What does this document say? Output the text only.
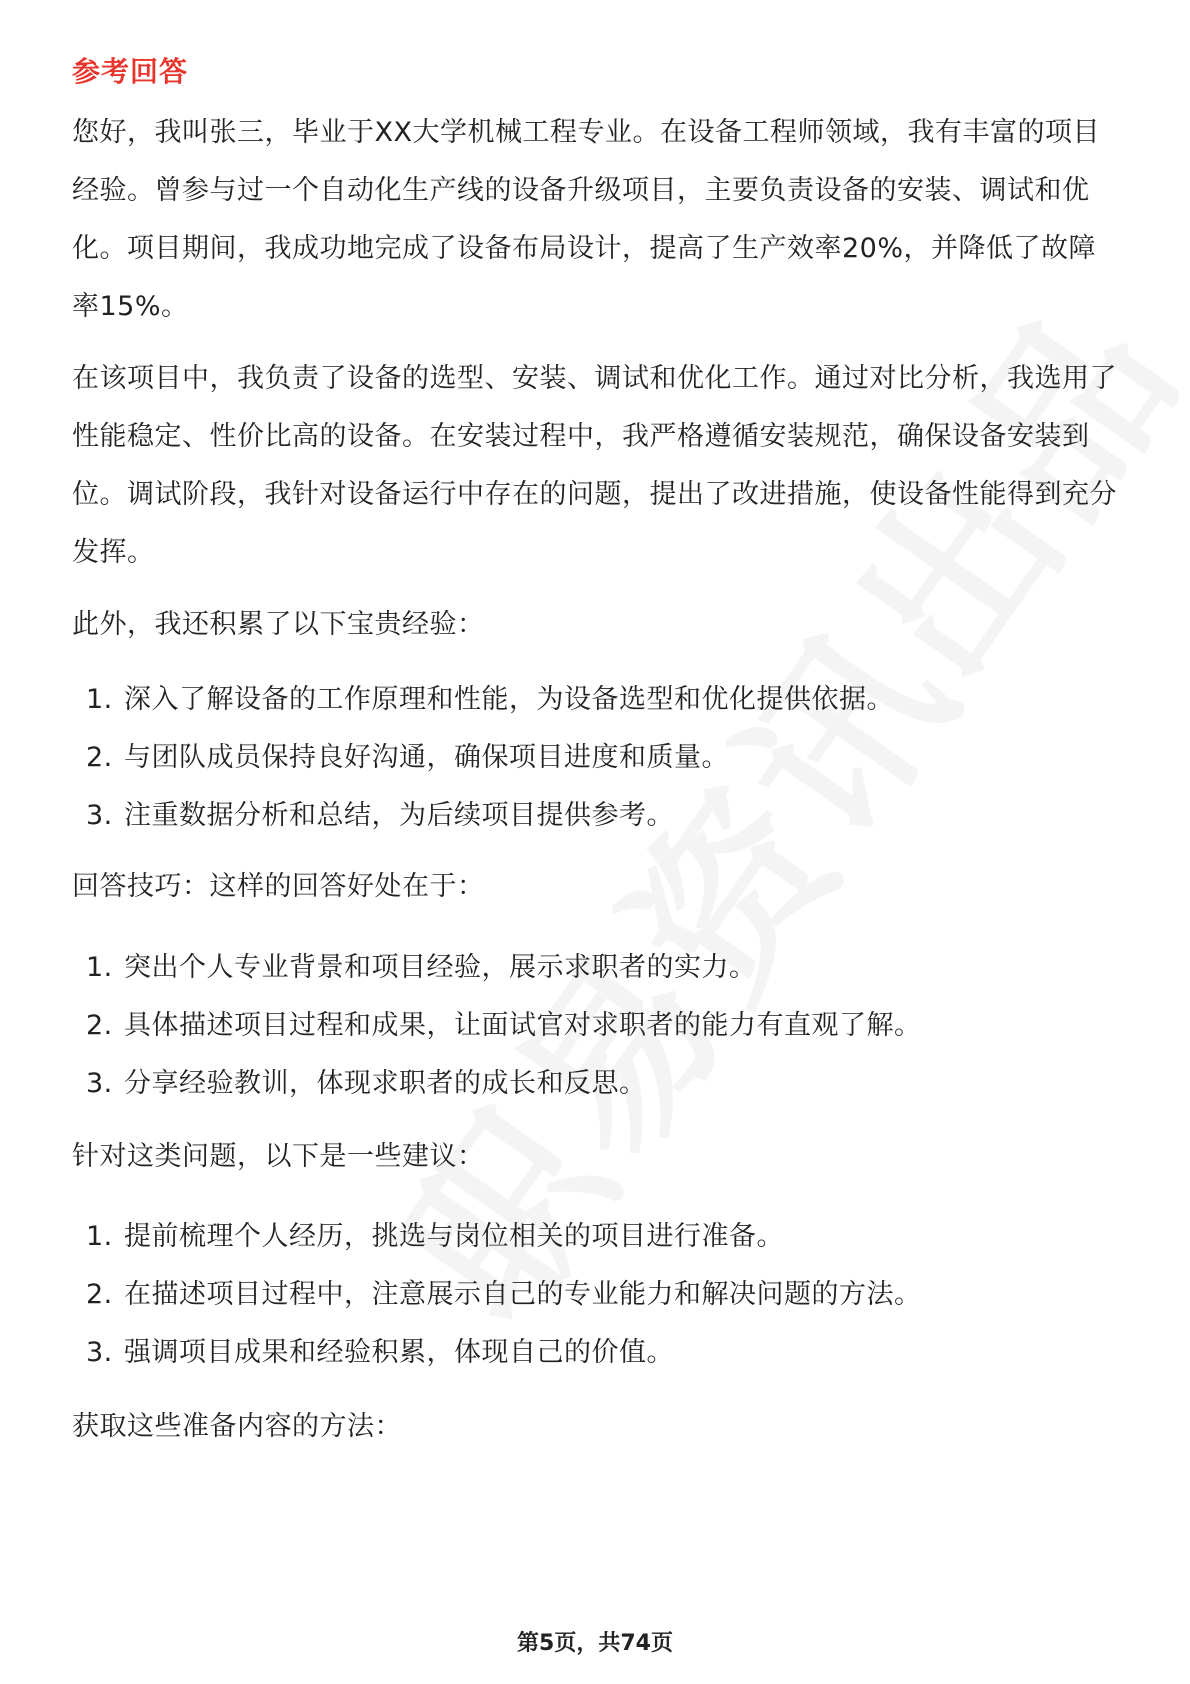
参考回答

您好，我叫张三，毕业于XX大学机械工程专业。在设备工程师领域，我有丰富的项目经验。曾参与过一个自动化生产线的设备升级项目，主要负责设备的安装、调试和优化。项目期间，我成功地完成了设备布局设计，提高了生产效率20%，并降低了故障率15%。

在该项目中，我负责了设备的选型、安装、调试和优化工作。通过对比分析，我选用了性能稳定、性价比高的设备。在安装过程中，我严格遵循安装规范，确保设备安装到位。调试阶段，我针对设备运行中存在的问题，提出了改进措施，使设备性能得到充分发挥。

此外，我还积累了以下宝贵经验：

1. 深入了解设备的工作原理和性能，为设备选型和优化提供依据。
2. 与团队成员保持良好沟通，确保项目进度和质量。
3. 注重数据分析和总结，为后续项目提供参考。

回答技巧：这样的回答好处在于：

1. 突出个人专业背景和项目经验，展示求职者的实力。
2. 具体描述项目过程和成果，让面试官对求职者的能力有直观了解。
3. 分享经验教训，体现求职者的成长和反思。

针对这类问题，以下是一些建议：

1. 提前梳理个人经历，挑选与岗位相关的项目进行准备。
2. 在描述项目过程中，注意展示自己的专业能力和解决问题的方法。
3. 强调项目成果和经验积累，体现自己的价值。

获取这些准备内容的方法：

第5页，共74页
